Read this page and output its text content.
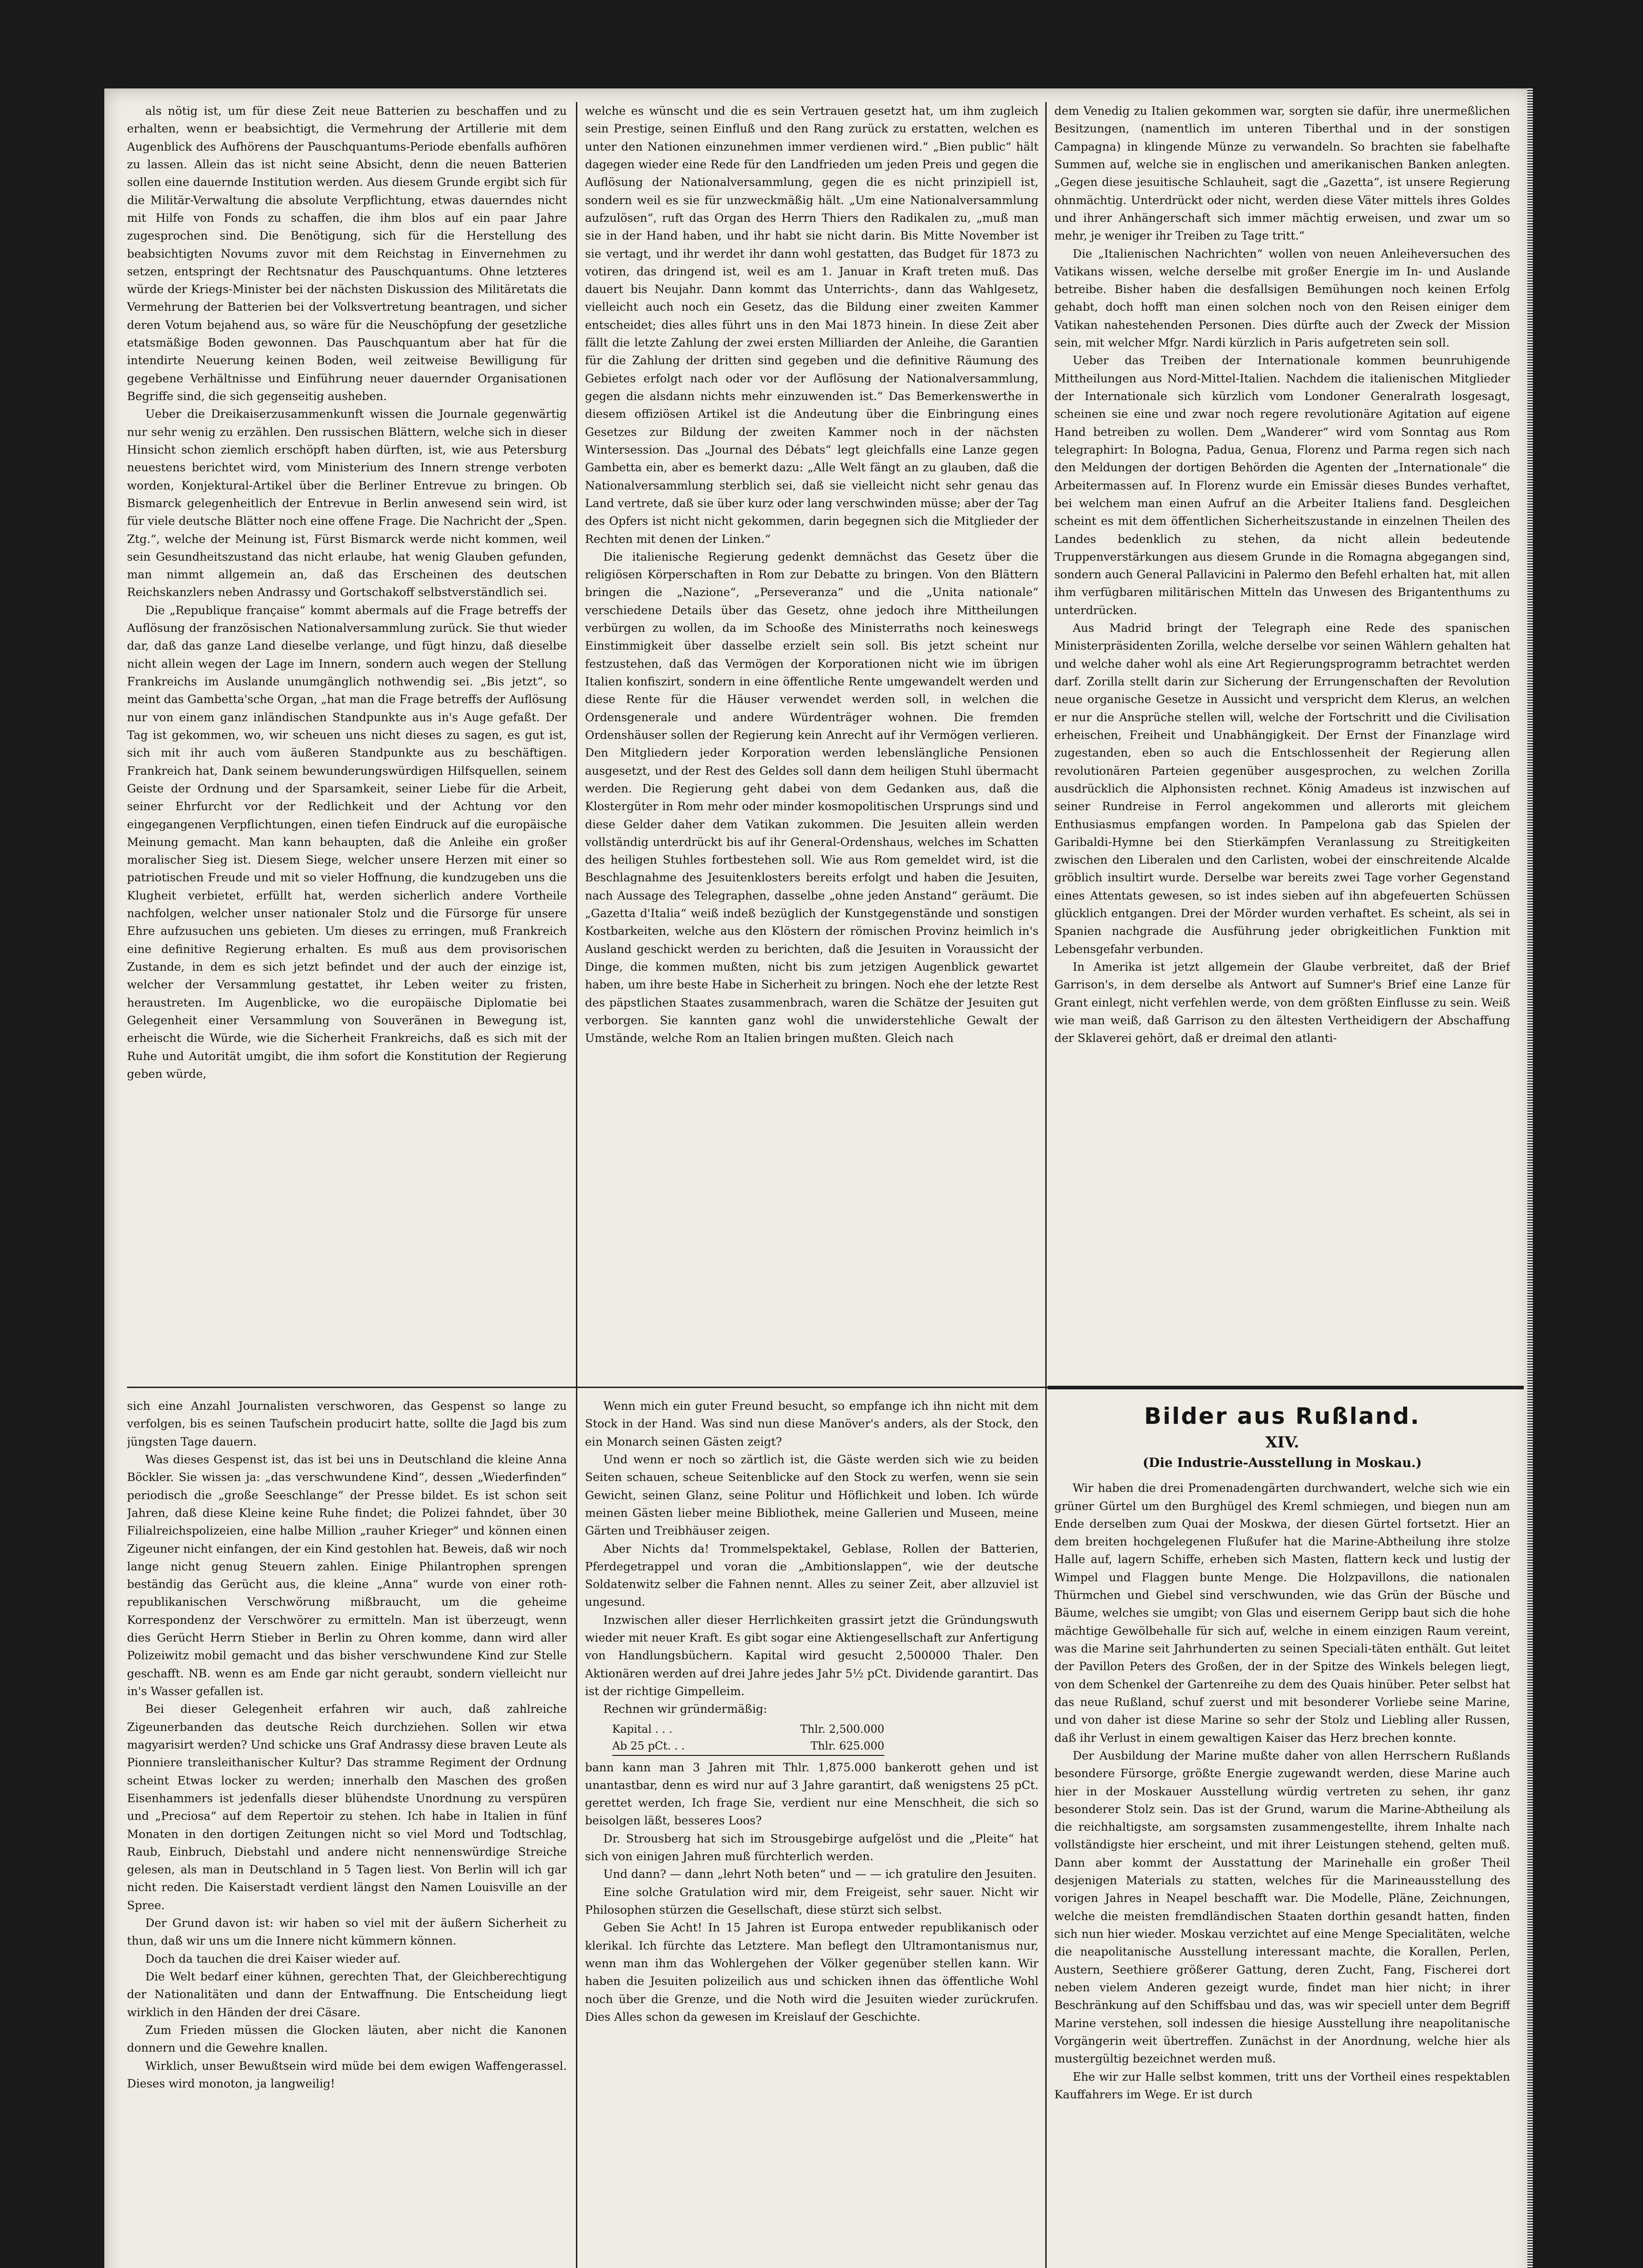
als nötig ist, um für diese Zeit neue Batterien zu beschaffen und zu erhalten, wenn er beabsichtigt, die Vermehrung der Artillerie mit dem Augenblick des Aufhörens der Pauschquantums-Periode ebenfalls aufhören zu lassen. Allein das ist nicht seine Absicht, denn die neuen Batterien sollen eine dauernde Institution werden. Aus diesem Grunde ergibt sich für die Militär-Verwaltung die absolute Verpflichtung, etwas dauerndes nicht mit Hilfe von Fonds zu schaffen, die ihm blos auf ein paar Jahre zugesprochen sind. Die Benötigung, sich für die Herstellung des beabsichtigten Novums zuvor mit dem Reichstag in Einvernehmen zu setzen, entspringt der Rechtsnatur des Pauschquantums. Ohne letzteres würde der Kriegs-Minister bei der nächsten Diskussion des Militäretats die Vermehrung der Batterien bei der Volksvertretung beantragen, und sicher deren Votum bejahend aus, so wäre für die Neuschöpfung der gesetzliche etatsmäßige Boden gewonnen. Das Pauschquantum aber hat für die intendirte Neuerung keinen Boden, weil zeitweise Bewilligung für gegebene Verhältnisse und Einführung neuer dauernder Organisationen Begriffe sind, die sich gegenseitig ausheben.

Ueber die Dreikaiserzusammenkunft wissen die Journale gegenwärtig nur sehr wenig zu erzählen. Den russischen Blättern, welche sich in dieser Hinsicht schon ziemlich erschöpft haben dürften, ist, wie aus Petersburg neuestens berichtet wird, vom Ministerium des Innern strenge verboten worden, Konjektural-Artikel über die Berliner Entrevue zu bringen. Ob Bismarck gelegenheitlich der Entrevue in Berlin anwesend sein wird, ist für viele deutsche Blätter noch eine offene Frage. Die Nachricht der „Spen. Ztg.“, welche der Meinung ist, Fürst Bismarck werde nicht kommen, weil sein Gesundheitszustand das nicht erlaube, hat wenig Glauben gefunden, man nimmt allgemein an, daß das Erscheinen des deutschen Reichskanzlers neben Andrassy und Gortschakoff selbstverständlich sei.

Die „Republique française“ kommt abermals auf die Frage betreffs der Auflösung der französischen Nationalversammlung zurück. Sie thut wieder dar, daß das ganze Land dieselbe verlange, und fügt hinzu, daß dieselbe nicht allein wegen der Lage im Innern, sondern auch wegen der Stellung Frankreichs im Auslande unumgänglich nothwendig sei. „Bis jetzt“, so meint das Gambetta'sche Organ, „hat man die Frage betreffs der Auflösung nur von einem ganz inländischen Standpunkte aus in's Auge gefaßt. Der Tag ist gekommen, wo, wir scheuen uns nicht dieses zu sagen, es gut ist, sich mit ihr auch vom äußeren Standpunkte aus zu beschäftigen. Frankreich hat, Dank seinem bewunderungswürdigen Hilfsquellen, seinem Geiste der Ordnung und der Sparsamkeit, seiner Liebe für die Arbeit, seiner Ehrfurcht vor der Redlichkeit und der Achtung vor den eingegangenen Verpflichtungen, einen tiefen Eindruck auf die europäische Meinung gemacht. Man kann behaupten, daß die Anleihe ein großer moralischer Sieg ist. Diesem Siege, welcher unsere Herzen mit einer so patriotischen Freude und mit so vieler Hoffnung, die kundzugeben uns die Klugheit verbietet, erfüllt hat, werden sicherlich andere Vortheile nachfolgen, welcher unser nationaler Stolz und die Fürsorge für unsere Ehre aufzusuchen uns gebieten. Um dieses zu erringen, muß Frankreich eine definitive Regierung erhalten. Es muß aus dem provisorischen Zustande, in dem es sich jetzt befindet und der auch der einzige ist, welcher der Versammlung gestattet, ihr Leben weiter zu fristen, heraustreten. Im Augenblicke, wo die europäische Diplomatie bei Gelegenheit einer Versammlung von Souveränen in Bewegung ist, erheischt die Würde, wie die Sicherheit Frankreichs, daß es sich mit der Ruhe und Autorität umgibt, die ihm sofort die Konstitution der Regierung geben würde,

welche es wünscht und die es sein Vertrauen gesetzt hat, um ihm zugleich sein Prestige, seinen Einfluß und den Rang zurück zu erstatten, welchen es unter den Nationen einzunehmen immer verdienen wird.“ „Bien public“ hält dagegen wieder eine Rede für den Landfrieden um jeden Preis und gegen die Auflösung der Nationalversammlung, gegen die es nicht prinzipiell ist, sondern weil es sie für unzweckmäßig hält. „Um eine Nationalversammlung aufzulösen“, ruft das Organ des Herrn Thiers den Radikalen zu, „muß man sie in der Hand haben, und ihr habt sie nicht darin. Bis Mitte November ist sie vertagt, und ihr werdet ihr dann wohl gestatten, das Budget für 1873 zu votiren, das dringend ist, weil es am 1. Januar in Kraft treten muß. Das dauert bis Neujahr. Dann kommt das Unterrichts-, dann das Wahlgesetz, vielleicht auch noch ein Gesetz, das die Bildung einer zweiten Kammer entscheidet; dies alles führt uns in den Mai 1873 hinein. In diese Zeit aber fällt die letzte Zahlung der zwei ersten Milliarden der Anleihe, die Garantien für die Zahlung der dritten sind gegeben und die definitive Räumung des Gebietes erfolgt nach oder vor der Auflösung der Nationalversammlung, gegen die alsdann nichts mehr einzuwenden ist.“ Das Bemerkenswerthe in diesem offiziösen Artikel ist die Andeutung über die Einbringung eines Gesetzes zur Bildung der zweiten Kammer noch in der nächsten Wintersession. Das „Journal des Débats“ legt gleichfalls eine Lanze gegen Gambetta ein, aber es bemerkt dazu: „Alle Welt fängt an zu glauben, daß die Nationalversammlung sterblich sei, daß sie vielleicht nicht sehr genau das Land vertrete, daß sie über kurz oder lang verschwinden müsse; aber der Tag des Opfers ist nicht nicht gekommen, darin begegnen sich die Mitglieder der Rechten mit denen der Linken.“

Die italienische Regierung gedenkt demnächst das Gesetz über die religiösen Körperschaften in Rom zur Debatte zu bringen. Von den Blättern bringen die „Nazione“, „Perseveranza“ und die „Unita nationale“ verschiedene Details über das Gesetz, ohne jedoch ihre Mittheilungen verbürgen zu wollen, da im Schooße des Ministerraths noch keineswegs Einstimmigkeit über dasselbe erzielt sein soll. Bis jetzt scheint nur festzustehen, daß das Vermögen der Korporationen nicht wie im übrigen Italien konfiszirt, sondern in eine öffentliche Rente umgewandelt werden und diese Rente für die Häuser verwendet werden soll, in welchen die Ordensgenerale und andere Würdenträger wohnen. Die fremden Ordenshäuser sollen der Regierung kein Anrecht auf ihr Vermögen verlieren. Den Mitgliedern jeder Korporation werden lebenslängliche Pensionen ausgesetzt, und der Rest des Geldes soll dann dem heiligen Stuhl übermacht werden. Die Regierung geht dabei von dem Gedanken aus, daß die Klostergüter in Rom mehr oder minder kosmopolitischen Ursprungs sind und diese Gelder daher dem Vatikan zukommen. Die Jesuiten allein werden vollständig unterdrückt bis auf ihr General-Ordenshaus, welches im Schatten des heiligen Stuhles fortbestehen soll. Wie aus Rom gemeldet wird, ist die Beschlagnahme des Jesuitenklosters bereits erfolgt und haben die Jesuiten, nach Aussage des Telegraphen, dasselbe „ohne jeden Anstand“ geräumt. Die „Gazetta d'Italia“ weiß indeß bezüglich der Kunstgegenstände und sonstigen Kostbarkeiten, welche aus den Klöstern der römischen Provinz heimlich in's Ausland geschickt werden zu berichten, daß die Jesuiten in Voraussicht der Dinge, die kommen mußten, nicht bis zum jetzigen Augenblick gewartet haben, um ihre beste Habe in Sicherheit zu bringen. Noch ehe der letzte Rest des päpstlichen Staates zusammenbrach, waren die Schätze der Jesuiten gut verborgen. Sie kannten ganz wohl die unwiderstehliche Gewalt der Umstände, welche Rom an Italien bringen mußten. Gleich nach

dem Venedig zu Italien gekommen war, sorgten sie dafür, ihre unermeßlichen Besitzungen, (namentlich im unteren Tiberthal und in der sonstigen Campagna) in klingende Münze zu verwandeln. So brachten sie fabelhafte Summen auf, welche sie in englischen und amerikanischen Banken anlegten. „Gegen diese jesuitische Schlauheit, sagt die „Gazetta“, ist unsere Regierung ohnmächtig. Unterdrückt oder nicht, werden diese Väter mittels ihres Goldes und ihrer Anhängerschaft sich immer mächtig erweisen, und zwar um so mehr, je weniger ihr Treiben zu Tage tritt.“

Die „Italienischen Nachrichten“ wollen von neuen Anleiheversuchen des Vatikans wissen, welche derselbe mit großer Energie im In- und Auslande betreibe. Bisher haben die desfallsigen Bemühungen noch keinen Erfolg gehabt, doch hofft man einen solchen noch von den Reisen einiger dem Vatikan nahestehenden Personen. Dies dürfte auch der Zweck der Mission sein, mit welcher Mfgr. Nardi kürzlich in Paris aufgetreten sein soll.

Ueber das Treiben der Internationale kommen beunruhigende Mittheilungen aus Nord-Mittel-Italien. Nachdem die italienischen Mitglieder der Internationale sich kürzlich vom Londoner Generalrath losgesagt, scheinen sie eine und zwar noch regere revolutionäre Agitation auf eigene Hand betreiben zu wollen. Dem „Wanderer“ wird vom Sonntag aus Rom telegraphirt: In Bologna, Padua, Genua, Florenz und Parma regen sich nach den Meldungen der dortigen Behörden die Agenten der „Internationale“ die Arbeitermassen auf. In Florenz wurde ein Emissär dieses Bundes verhaftet, bei welchem man einen Aufruf an die Arbeiter Italiens fand. Desgleichen scheint es mit dem öffentlichen Sicherheitszustande in einzelnen Theilen des Landes bedenklich zu stehen, da nicht allein bedeutende Truppenverstärkungen aus diesem Grunde in die Romagna abgegangen sind, sondern auch General Pallavicini in Palermo den Befehl erhalten hat, mit allen ihm verfügbaren militärischen Mitteln das Unwesen des Brigantenthums zu unterdrücken.

Aus Madrid bringt der Telegraph eine Rede des spanischen Ministerpräsidenten Zorilla, welche derselbe vor seinen Wählern gehalten hat und welche daher wohl als eine Art Regierungsprogramm betrachtet werden darf. Zorilla stellt darin zur Sicherung der Errungenschaften der Revolution neue organische Gesetze in Aussicht und verspricht dem Klerus, an welchen er nur die Ansprüche stellen will, welche der Fortschritt und die Civilisation erheischen, Freiheit und Unabhängigkeit. Der Ernst der Finanzlage wird zugestanden, eben so auch die Entschlossenheit der Regierung allen revolutionären Parteien gegenüber ausgesprochen, zu welchen Zorilla ausdrücklich die Alphonsisten rechnet. König Amadeus ist inzwischen auf seiner Rundreise in Ferrol angekommen und allerorts mit gleichem Enthusiasmus empfangen worden. In Pampelona gab das Spielen der Garibaldi-Hymne bei den Stierkämpfen Veranlassung zu Streitigkeiten zwischen den Liberalen und den Carlisten, wobei der einschreitende Alcalde gröblich insultirt wurde. Derselbe war bereits zwei Tage vorher Gegenstand eines Attentats gewesen, so ist indes sieben auf ihn abgefeuerten Schüssen glücklich entgangen. Drei der Mörder wurden verhaftet. Es scheint, als sei in Spanien nachgrade die Ausführung jeder obrigkeitlichen Funktion mit Lebensgefahr verbunden.

In Amerika ist jetzt allgemein der Glaube verbreitet, daß der Brief Garrison's, in dem derselbe als Antwort auf Sumner's Brief eine Lanze für Grant einlegt, nicht verfehlen werde, von dem größten Einflusse zu sein. Weiß wie man weiß, daß Garrison zu den ältesten Vertheidigern der Abschaffung der Sklaverei gehört, daß er dreimal den atlanti-

sich eine Anzahl Journalisten verschworen, das Gespenst so lange zu verfolgen, bis es seinen Taufschein producirt hatte, sollte die Jagd bis zum jüngsten Tage dauern.

Was dieses Gespenst ist, das ist bei uns in Deutschland die kleine Anna Böckler. Sie wissen ja: „das verschwundene Kind“, dessen „Wiederfinden“ periodisch die „große Seeschlange“ der Presse bildet. Es ist schon seit Jahren, daß diese Kleine keine Ruhe findet; die Polizei fahndet, über 30 Filialreichspolizeien, eine halbe Million „rauher Krieger“ und können einen Zigeuner nicht einfangen, der ein Kind gestohlen hat. Beweis, daß wir noch lange nicht genug Steuern zahlen. Einige Philantrophen sprengen beständig das Gerücht aus, die kleine „Anna“ wurde von einer roth-republikanischen Verschwörung mißbraucht, um die geheime Korrespondenz der Verschwörer zu ermitteln. Man ist überzeugt, wenn dies Gerücht Herrn Stieber in Berlin zu Ohren komme, dann wird aller Polizeiwitz mobil gemacht und das bisher verschwundene Kind zur Stelle geschafft. NB. wenn es am Ende gar nicht geraubt, sondern vielleicht nur in's Wasser gefallen ist.

Bei dieser Gelegenheit erfahren wir auch, daß zahlreiche Zigeunerbanden das deutsche Reich durchziehen. Sollen wir etwa magyarisirt werden? Und schicke uns Graf Andrassy diese braven Leute als Pionniere transleithanischer Kultur? Das stramme Regiment der Ordnung scheint Etwas locker zu werden; innerhalb den Maschen des großen Eisenhammers ist jedenfalls dieser blühendste Unordnung zu verspüren und „Preciosa“ auf dem Repertoir zu stehen. Ich habe in Italien in fünf Monaten in den dortigen Zeitungen nicht so viel Mord und Todtschlag, Raub, Einbruch, Diebstahl und andere nicht nennenswürdige Streiche gelesen, als man in Deutschland in 5 Tagen liest. Von Berlin will ich gar nicht reden. Die Kaiserstadt verdient längst den Namen Louisville an der Spree.

Der Grund davon ist: wir haben so viel mit der äußern Sicherheit zu thun, daß wir uns um die Innere nicht kümmern können.

Doch da tauchen die drei Kaiser wieder auf.

Die Welt bedarf einer kühnen, gerechten That, der Gleichberechtigung der Nationalitäten und dann der Entwaffnung. Die Entscheidung liegt wirklich in den Händen der drei Cäsare.

Zum Frieden müssen die Glocken läuten, aber nicht die Kanonen donnern und die Gewehre knallen.

Wirklich, unser Bewußtsein wird müde bei dem ewigen Waffengerassel. Dieses wird monoton, ja langweilig!

Wenn mich ein guter Freund besucht, so empfange ich ihn nicht mit dem Stock in der Hand. Was sind nun diese Manöver's anders, als der Stock, den ein Monarch seinen Gästen zeigt?

Und wenn er noch so zärtlich ist, die Gäste werden sich wie zu beiden Seiten schauen, scheue Seitenblicke auf den Stock zu werfen, wenn sie sein Gewicht, seinen Glanz, seine Politur und Höflichkeit und loben. Ich würde meinen Gästen lieber meine Bibliothek, meine Gallerien und Museen, meine Gärten und Treibhäuser zeigen.

Aber Nichts da! Trommelspektakel, Geblase, Rollen der Batterien, Pferdegetrappel und voran die „Ambitionslappen“, wie der deutsche Soldatenwitz selber die Fahnen nennt. Alles zu seiner Zeit, aber allzuviel ist ungesund.

Inzwischen aller dieser Herrlichkeiten grassirt jetzt die Gründungswuth wieder mit neuer Kraft. Es gibt sogar eine Aktiengesellschaft zur Anfertigung von Handlungsbüchern. Kapital wird gesucht 2,500000 Thaler. Den Aktionären werden auf drei Jahre jedes Jahr 5½ pCt. Dividende garantirt. Das ist der richtige Gimpelleim.

Rechnen wir gründermäßig:

Kapital . . .	Thlr. 2,500.000
Ab 25 pCt. . .	Thlr. 625.000

bann kann man 3 Jahren mit Thlr. 1,875.000 bankerott gehen und ist unantastbar, denn es wird nur auf 3 Jahre garantirt, daß wenigstens 25 pCt. gerettet werden, Ich frage Sie, verdient nur eine Menschheit, die sich so beisolgen läßt, besseres Loos?

Dr. Strousberg hat sich im Strousgebirge aufgelöst und die „Pleite“ hat sich von einigen Jahren muß fürchterlich werden.

Und dann? — dann „lehrt Noth beten“ und — — ich gratulire den Jesuiten.

Eine solche Gratulation wird mir, dem Freigeist, sehr sauer. Nicht wir Philosophen stürzen die Gesellschaft, diese stürzt sich selbst.

Geben Sie Acht! In 15 Jahren ist Europa entweder republikanisch oder klerikal. Ich fürchte das Letztere. Man beflegt den Ultramontanismus nur, wenn man ihm das Wohlergehen der Völker gegenüber stellen kann. Wir haben die Jesuiten polizeilich aus und schicken ihnen das öffentliche Wohl noch über die Grenze, und die Noth wird die Jesuiten wieder zurückrufen. Dies Alles schon da gewesen im Kreislauf der Geschichte.

Bilder aus Rußland.
XIV.
(Die Industrie-Ausstellung in Moskau.)

Wir haben die drei Promenadengärten durchwandert, welche sich wie ein grüner Gürtel um den Burghügel des Kreml schmiegen, und biegen nun am Ende derselben zum Quai der Moskwa, der diesen Gürtel fortsetzt. Hier an dem breiten hochgelegenen Flußufer hat die Marine-Abtheilung ihre stolze Halle auf, lagern Schiffe, erheben sich Masten, flattern keck und lustig der Wimpel und Flaggen bunte Menge. Die Holzpavillons, die nationalen Thürmchen und Giebel sind verschwunden, wie das Grün der Büsche und Bäume, welches sie umgibt; von Glas und eisernem Geripp baut sich die hohe mächtige Gewölbehalle für sich auf, welche in einem einzigen Raum vereint, was die Marine seit Jahrhunderten zu seinen Speciali-täten enthält. Gut leitet der Pavillon Peters des Großen, der in der Spitze des Winkels belegen liegt, von dem Schenkel der Gartenreihe zu dem des Quais hinüber. Peter selbst hat das neue Rußland, schuf zuerst und mit besonderer Vorliebe seine Marine, und von daher ist diese Marine so sehr der Stolz und Liebling aller Russen, daß ihr Verlust in einem gewaltigen Kaiser das Herz brechen konnte.

Der Ausbildung der Marine mußte daher von allen Herrschern Rußlands besondere Fürsorge, größte Energie zugewandt werden, diese Marine auch hier in der Moskauer Ausstellung würdig vertreten zu sehen, ihr ganz besonderer Stolz sein. Das ist der Grund, warum die Marine-Abtheilung als die reichhaltigste, am sorgsamsten zusammengestellte, ihrem Inhalte nach vollständigste hier erscheint, und mit ihrer Leistungen stehend, gelten muß. Dann aber kommt der Ausstattung der Marinehalle ein großer Theil desjenigen Materials zu statten, welches für die Marineausstellung des vorigen Jahres in Neapel beschafft war. Die Modelle, Pläne, Zeichnungen, welche die meisten fremdländischen Staaten dorthin gesandt hatten, finden sich nun hier wieder. Moskau verzichtet auf eine Menge Specialitäten, welche die neapolitanische Ausstellung interessant machte, die Korallen, Perlen, Austern, Seethiere größerer Gattung, deren Zucht, Fang, Fischerei dort neben vielem Anderen gezeigt wurde, findet man hier nicht; in ihrer Beschränkung auf den Schiffsbau und das, was wir speciell unter dem Begriff Marine verstehen, soll indessen die hiesige Ausstellung ihre neapolitanische Vorgängerin weit übertreffen. Zunächst in der Anordnung, welche hier als mustergültig bezeichnet werden muß.

Ehe wir zur Halle selbst kommen, tritt uns der Vortheil eines respektablen Kauffahrers im Wege. Er ist durch
